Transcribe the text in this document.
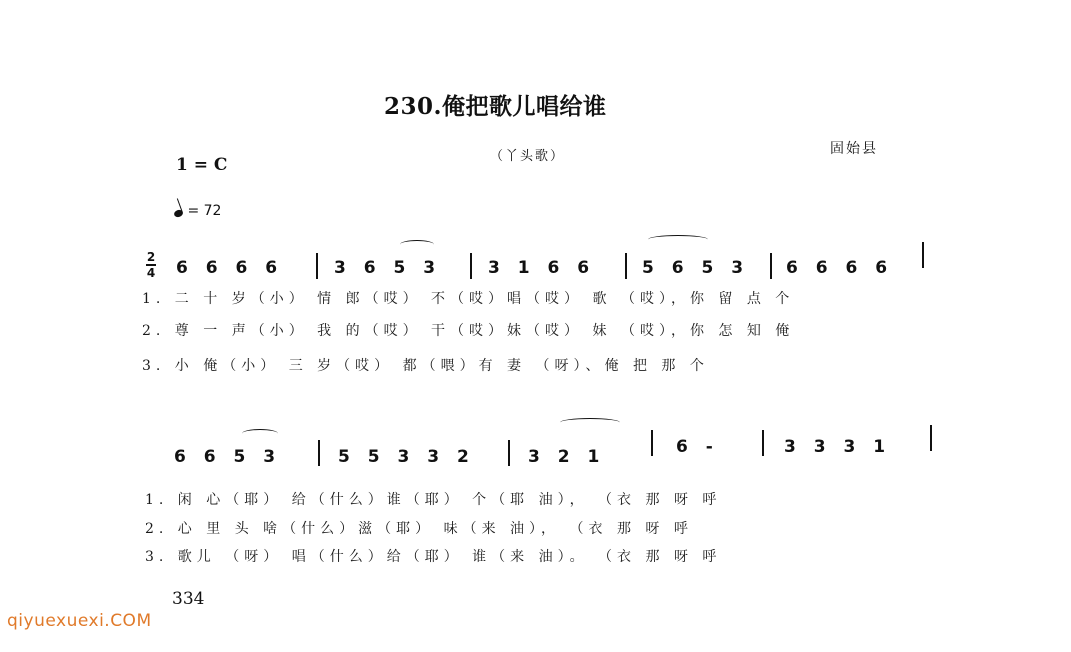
230.俺把歌儿唱给谁
（丫头歌）	固始县
1 = C
= 72
2
4 6 6 6 6	3 6 5 3	3 1 6 6	5 6 5 3 6 6 6 6
1. 二 十 岁（小） 情 郎（哎） 不（哎）唱（哎） 歌 （哎），你 留 点 个
2. 尊 一 声（小） 我 的（哎） 干（哎）妹（哎） 妹 （哎），你 怎 知 俺
3. 小 俺（小） 三 岁（哎） 都（喂）有 妻 （呀）、俺 把 那 个
6 6 5 3	5 5 3 3 2	3 2 1	6 -	3 3 3 1
1. 闲 心（耶） 给（什么）谁（耶） 个（耶 油）， （衣 那 呀 呼
2. 心 里 头 啥（什么）滋（耶） 味（来 油）， （衣 那 呀 呼
3. 歌儿 （呀） 唱（什么）给（耶） 谁（来 油）。 （衣 那 呀 呼
334
qiyuexuexi.COM
